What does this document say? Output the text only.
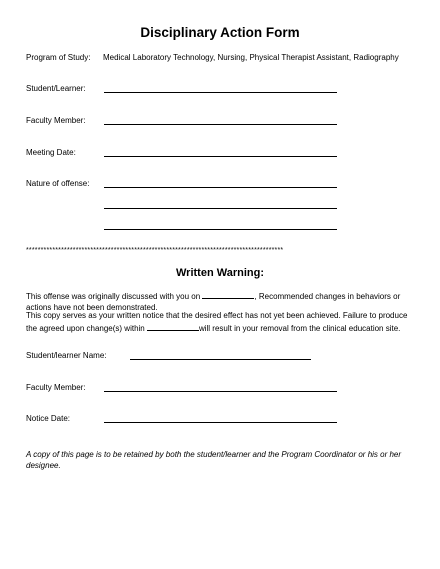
Disciplinary Action Form
Program of Study: Medical Laboratory Technology, Nursing, Physical Therapist Assistant, Radiography
Student/Learner:
Faculty Member:
Meeting Date:
Nature of offense:
****************************************************************************************
Written Warning:
This offense was originally discussed with you on	, Recommended changes in behaviors or actions have not been demonstrated.
This copy serves as your written notice that the desired effect has not yet been achieved. Failure to produce the agreed upon change(s) within	will result in your removal from the clinical education site.
Student/learner Name:
Faculty Member:
Notice Date:
A copy of this page is to be retained by both the student/learner and the Program Coordinator or his or her designee.
